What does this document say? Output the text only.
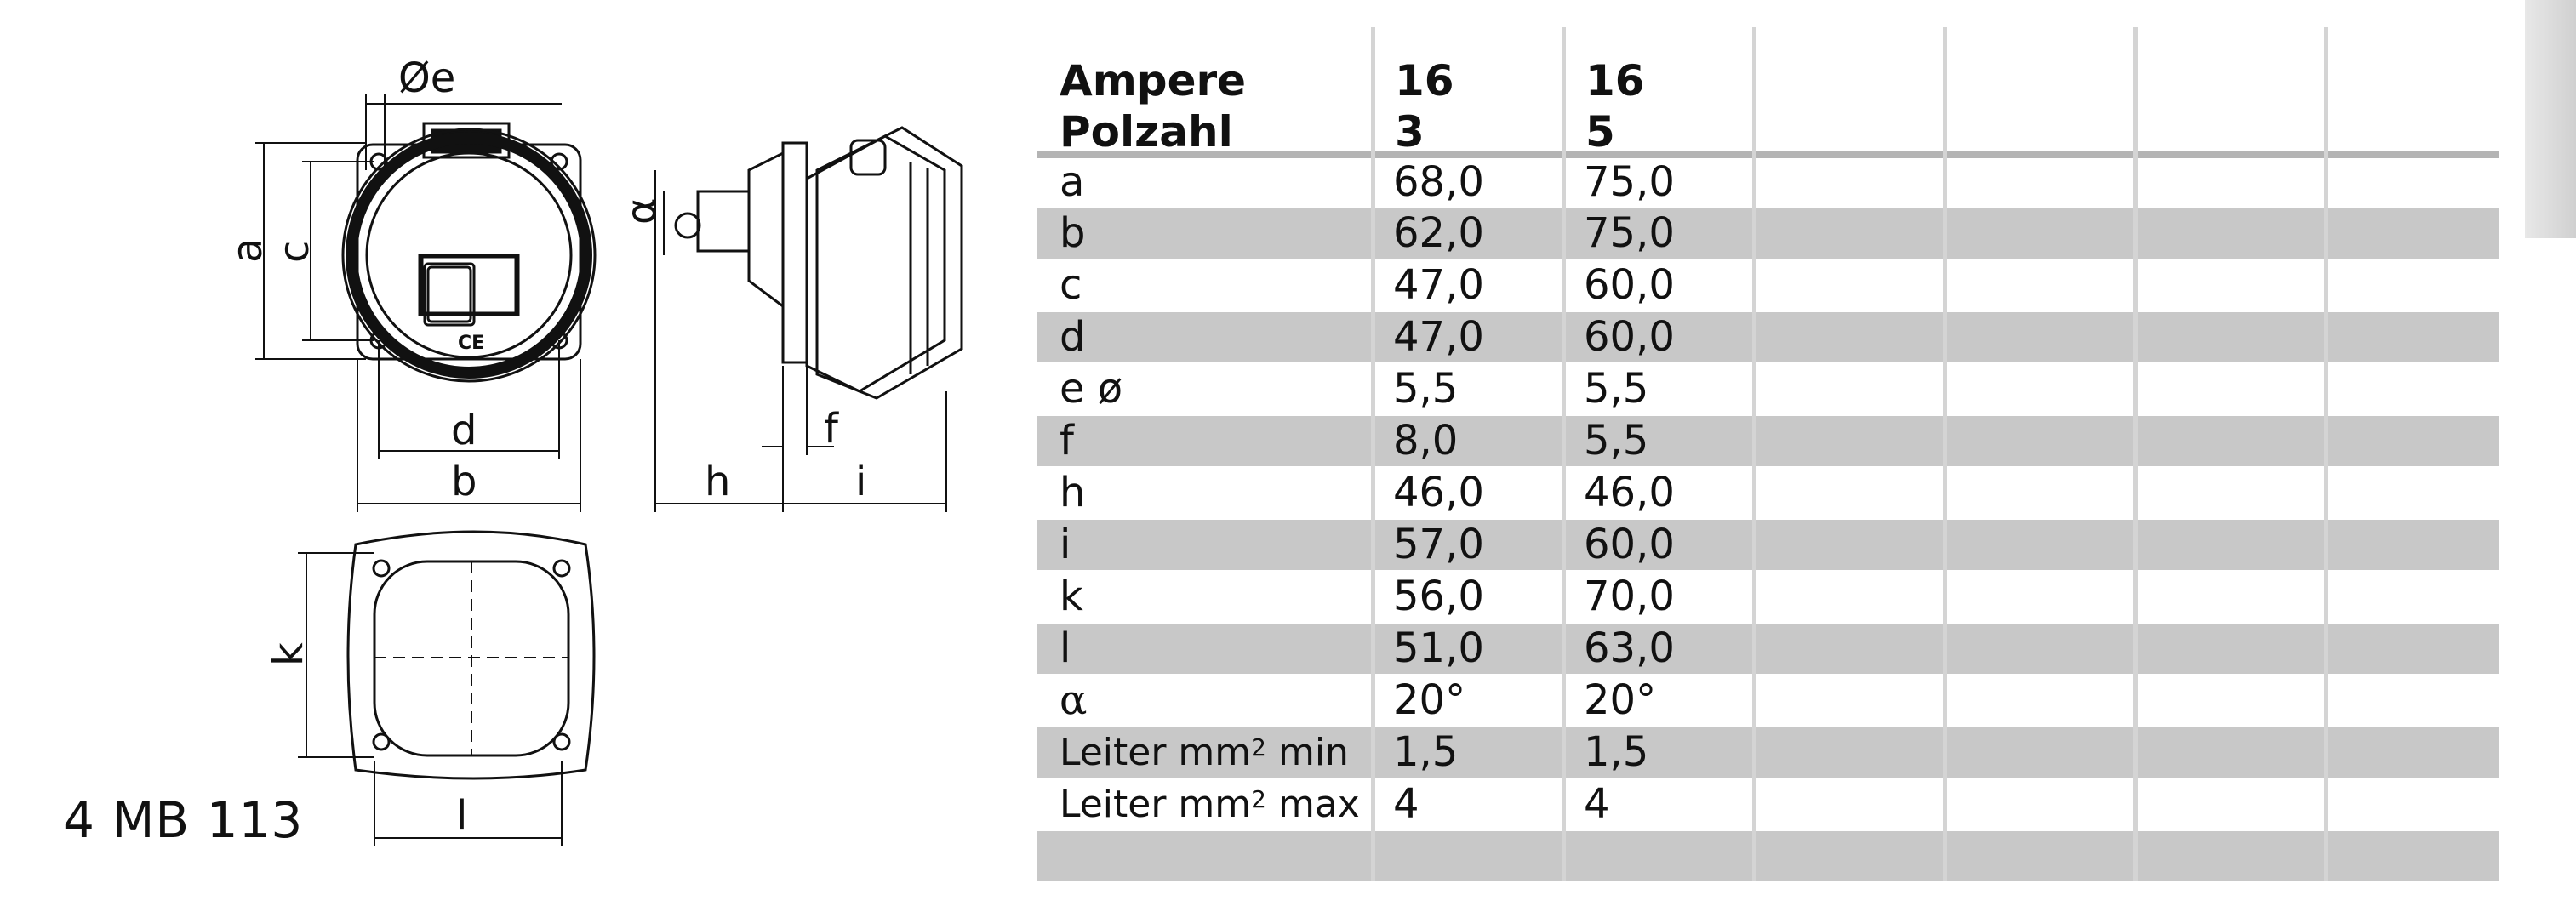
CE
Øe
a c
d
b
α
f
h	i
k
l
4 MB 113
Ampere	16	16
Polzahl	3	5
a	68,0 75,0
b	62,0 75,0
c	47,0 60,0
d	47,0 60,0
e ø	5,5	5,5
f	8,0	5,5
h	46,0 46,0
i	57,0 60,0
k	56,0 70,0
l	51,0 63,0
α	20°	20°
Leiter $mm^2$ min 1,5	1,5
Leiter $mm^2$ max 4	4
